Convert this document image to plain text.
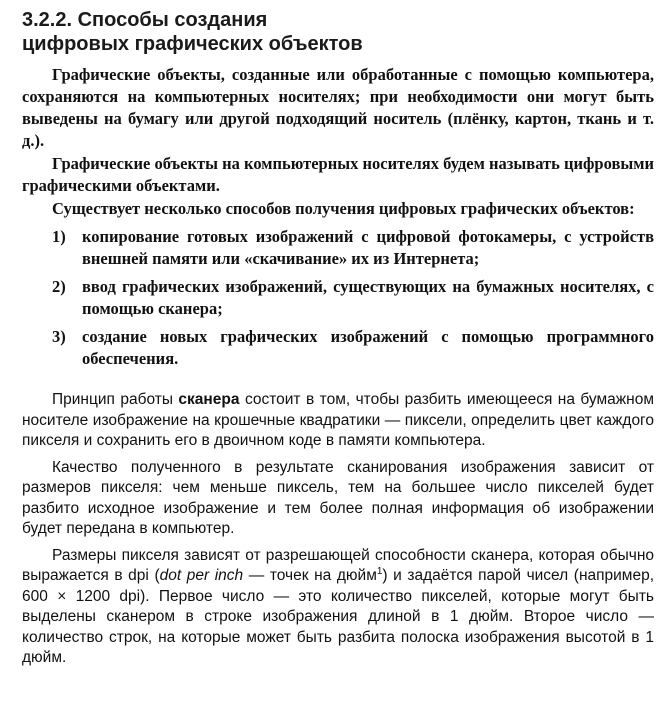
3.2.2. Способы создания
цифровых графических объектов

Графические объекты, созданные или обработанные с помощью компьютера, сохраняются на компьютерных носителях; при необходимости они могут быть выведены на бумагу или другой подходящий носитель (плёнку, картон, ткань и т. д.).

Графические объекты на компьютерных носителях будем называть цифровыми графическими объектами.

Существует несколько способов получения цифровых графических объектов:

1) копирование готовых изображений с цифровой фотокамеры, с устройств внешней памяти или «скачивание» их из Интернета;
2) ввод графических изображений, существующих на бумажных носителях, с помощью сканера;
3) создание новых графических изображений с помощью программного обеспечения.

Принцип работы сканера состоит в том, чтобы разбить имеющееся на бумажном носителе изображение на крошечные квадратики — пиксели, определить цвет каждого пикселя и сохранить его в двоичном коде в памяти компьютера.

Качество полученного в результате сканирования изображения зависит от размеров пикселя: чем меньше пиксель, тем на большее число пикселей будет разбито исходное изображение и тем более полная информация об изображении будет передана в компьютер.

Размеры пикселя зависят от разрешающей способности сканера, которая обычно выражается в dpi (dot per inch — точек на дюйм$^1$) и задаётся парой чисел (например, 600 × 1200 dpi). Первое число — это количество пикселей, которые могут быть выделены сканером в строке изображения длиной в 1 дюйм. Второе число — количество строк, на которые может быть разбита полоска изображения высотой в 1 дюйм.
